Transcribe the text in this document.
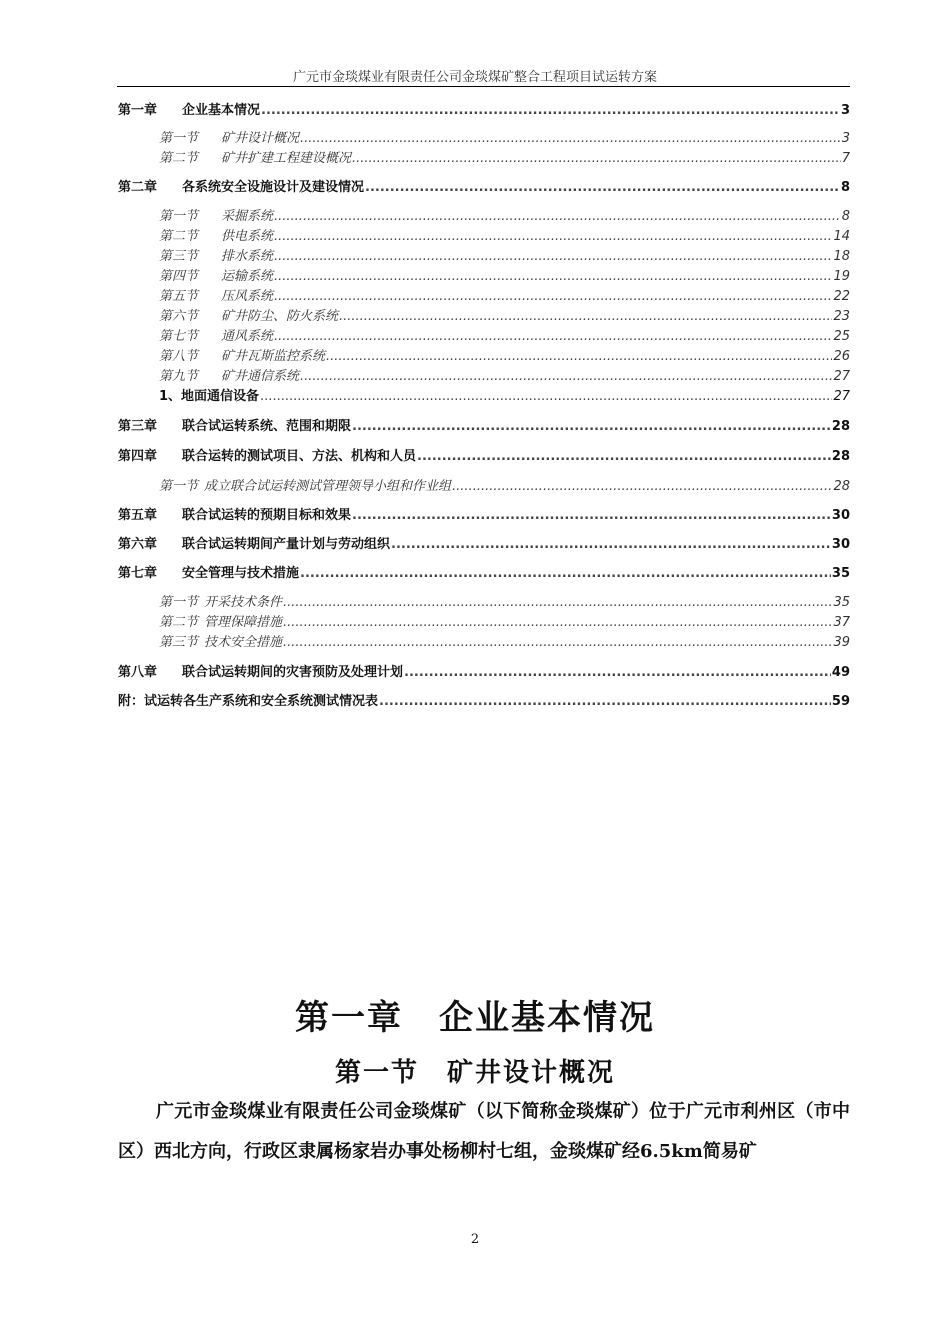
广元市金琰煤业有限责任公司金琰煤矿整合工程项目试运转方案
第一章 企业基本情况 .....	3
第一节 矿井设计概况 .....	3
第二节 矿井扩建工程建设概况 .....	7
第二章 各系统安全设施设计及建设情况 .....	8
第一节 采掘系统 .....	8
第二节 供电系统 .....	14
第三节 排水系统 .....	18
第四节 运输系统 .....	19
第五节 压风系统 .....	22
第六节 矿井防尘、防火系统 .....	23
第七节 通风系统 .....	25
第八节 矿井瓦斯监控系统 .....	26
第九节 矿井通信系统 .....	27
1、地面通信设备 .....	27
第三章 联合试运转系统、范围和期限 .....	28
第四章 联合运转的测试项目、方法、机构和人员 .....	28
第一节 成立联合试运转测试管理领导小组和作业组 .....	28
第五章 联合试运转的预期目标和效果 .....	30
第六章 联合试运转期间产量计划与劳动组织 .....	30
第七章 安全管理与技术措施 .....	35
第一节 开采技术条件 .....	35
第二节 管理保障措施 .....	37
第三节 技术安全措施 .....	39
第八章 联合试运转期间的灾害预防及处理计划 .....	49
附：试运转各生产系统和安全系统测试情况表 .....	59
第一章　企业基本情况
第一节　矿井设计概况
广元市金琰煤业有限责任公司金琰煤矿（以下简称金琰煤矿）位于广元市利州区（市中区）西北方向，行政区隶属杨家岩办事处杨柳村七组，金琰煤矿经6.5km简易矿
2
